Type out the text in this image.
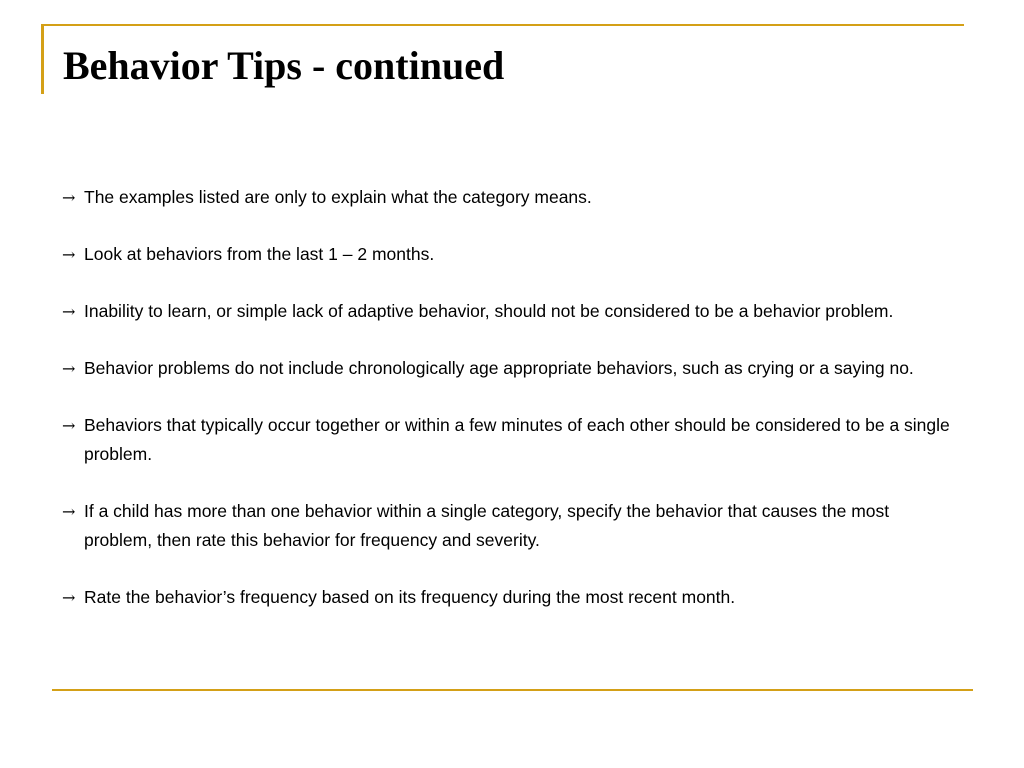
Behavior Tips - continued
→ The examples listed are only to explain what the category means.
→ Look at behaviors from the last 1 – 2 months.
→ Inability to learn, or simple lack of adaptive behavior, should not be considered to be a behavior problem.
→ Behavior problems do not include chronologically age appropriate behaviors, such as crying or a saying no.
→ Behaviors that typically occur together or within a few minutes of each other should be considered to be a single problem.
→ If a child has more than one behavior within a single category, specify the behavior that causes the most problem, then rate this behavior for frequency and severity.
→ Rate the behavior’s frequency based on its frequency during the most recent month.
